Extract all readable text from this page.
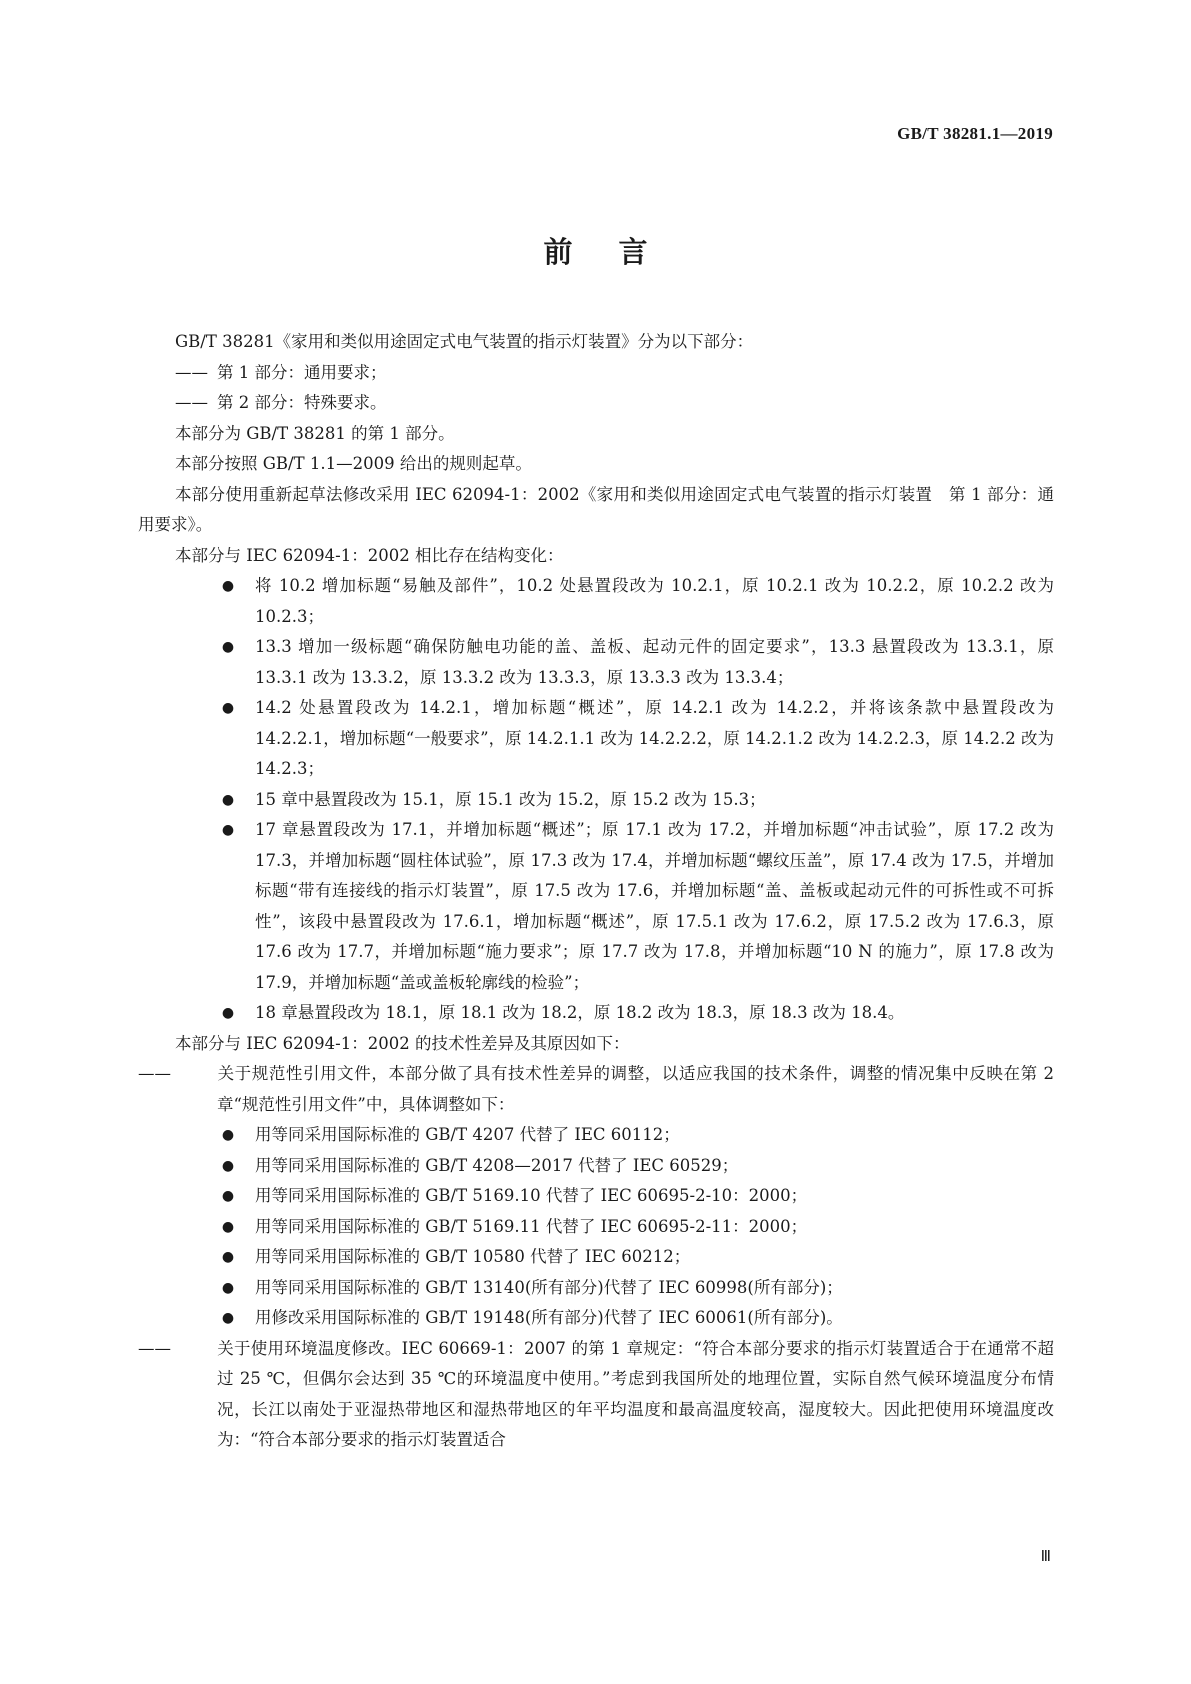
GB/T 38281.1—2019
前言

GB/T 38281《家用和类似用途固定式电气装置的指示灯装置》分为以下部分：

—— 第 1 部分：通用要求；

—— 第 2 部分：特殊要求。

本部分为 GB/T 38281 的第 1 部分。

本部分按照 GB/T 1.1—2009 给出的规则起草。

本部分使用重新起草法修改采用 IEC 62094-1：2002《家用和类似用途固定式电气装置的指示灯装置　第 1 部分：通用要求》。

本部分与 IEC 62094-1：2002 相比存在结构变化：

● 将 10.2 增加标题“易触及部件”，10.2 处悬置段改为 10.2.1，原 10.2.1 改为 10.2.2，原 10.2.2 改为 10.2.3；

● 13.3 增加一级标题“确保防触电功能的盖、盖板、起动元件的固定要求”，13.3 悬置段改为 13.3.1，原 13.3.1 改为 13.3.2，原 13.3.2 改为 13.3.3，原 13.3.3 改为 13.3.4；

● 14.2 处悬置段改为 14.2.1，增加标题“概述”，原 14.2.1 改为 14.2.2，并将该条款中悬置段改为 14.2.2.1，增加标题“一般要求”，原 14.2.1.1 改为 14.2.2.2，原 14.2.1.2 改为 14.2.2.3，原 14.2.2 改为 14.2.3；

● 15 章中悬置段改为 15.1，原 15.1 改为 15.2，原 15.2 改为 15.3；

● 17 章悬置段改为 17.1，并增加标题“概述”；原 17.1 改为 17.2，并增加标题“冲击试验”，原 17.2 改为 17.3，并增加标题“圆柱体试验”，原 17.3 改为 17.4，并增加标题“螺纹压盖”，原 17.4 改为 17.5，并增加标题“带有连接线的指示灯装置”，原 17.5 改为 17.6，并增加标题“盖、盖板或起动元件的可拆性或不可拆性”，该段中悬置段改为 17.6.1，增加标题“概述”，原 17.5.1 改为 17.6.2，原 17.5.2 改为 17.6.3，原 17.6 改为 17.7，并增加标题“施力要求”；原 17.7 改为 17.8，并增加标题“10 N 的施力”，原 17.8 改为 17.9，并增加标题“盖或盖板轮廓线的检验”；

● 18 章悬置段改为 18.1，原 18.1 改为 18.2，原 18.2 改为 18.3，原 18.3 改为 18.4。

本部分与 IEC 62094-1：2002 的技术性差异及其原因如下：

——	关于规范性引用文件，本部分做了具有技术性差异的调整，以适应我国的技术条件，调整的情况集中反映在第 2 章“规范性引用文件”中，具体调整如下：

● 用等同采用国际标准的 GB/T 4207 代替了 IEC 60112；

● 用等同采用国际标准的 GB/T 4208—2017 代替了 IEC 60529；

● 用等同采用国际标准的 GB/T 5169.10 代替了 IEC 60695-2-10：2000；

● 用等同采用国际标准的 GB/T 5169.11 代替了 IEC 60695-2-11：2000；

● 用等同采用国际标准的 GB/T 10580 代替了 IEC 60212；

● 用等同采用国际标准的 GB/T 13140(所有部分)代替了 IEC 60998(所有部分)；

● 用修改采用国际标准的 GB/T 19148(所有部分)代替了 IEC 60061(所有部分)。

——	关于使用环境温度修改。IEC 60669-1：2007 的第 1 章规定：“符合本部分要求的指示灯装置适合于在通常不超过 25 ℃，但偶尔会达到 35 ℃的环境温度中使用。”考虑到我国所处的地理位置，实际自然气候环境温度分布情况，长江以南处于亚湿热带地区和湿热带地区的年平均温度和最高温度较高，湿度较大。因此把使用环境温度改为：“符合本部分要求的指示灯装置适合

Ⅲ
